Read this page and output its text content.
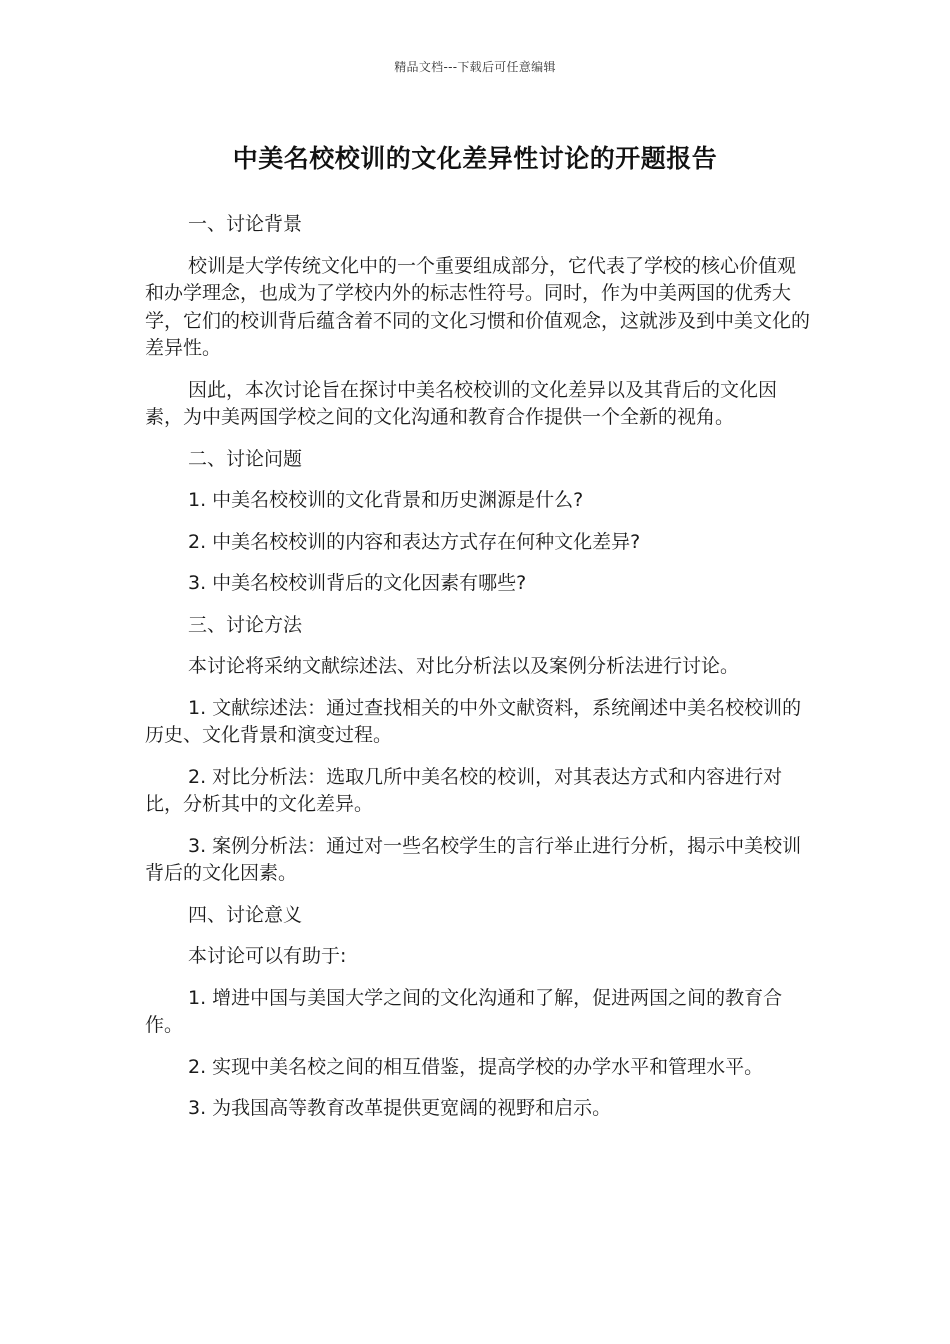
精品文档---下载后可任意编辑
中美名校校训的文化差异性讨论的开题报告

一、讨论背景

校训是大学传统文化中的一个重要组成部分，它代表了学校的核心价值观和办学理念，也成为了学校内外的标志性符号。同时，作为中美两国的优秀大学，它们的校训背后蕴含着不同的文化习惯和价值观念，这就涉及到中美文化的差异性。

因此，本次讨论旨在探讨中美名校校训的文化差异以及其背后的文化因素，为中美两国学校之间的文化沟通和教育合作提供一个全新的视角。

二、讨论问题

1. 中美名校校训的文化背景和历史渊源是什么?

2. 中美名校校训的内容和表达方式存在何种文化差异?

3. 中美名校校训背后的文化因素有哪些?

三、讨论方法

本讨论将采纳文献综述法、对比分析法以及案例分析法进行讨论。

1. 文献综述法：通过查找相关的中外文献资料，系统阐述中美名校校训的历史、文化背景和演变过程。

2. 对比分析法：选取几所中美名校的校训，对其表达方式和内容进行对比，分析其中的文化差异。

3. 案例分析法：通过对一些名校学生的言行举止进行分析，揭示中美校训背后的文化因素。

四、讨论意义

本讨论可以有助于:

1. 增进中国与美国大学之间的文化沟通和了解，促进两国之间的教育合作。

2. 实现中美名校之间的相互借鉴，提高学校的办学水平和管理水平。

3. 为我国高等教育改革提供更宽阔的视野和启示。
